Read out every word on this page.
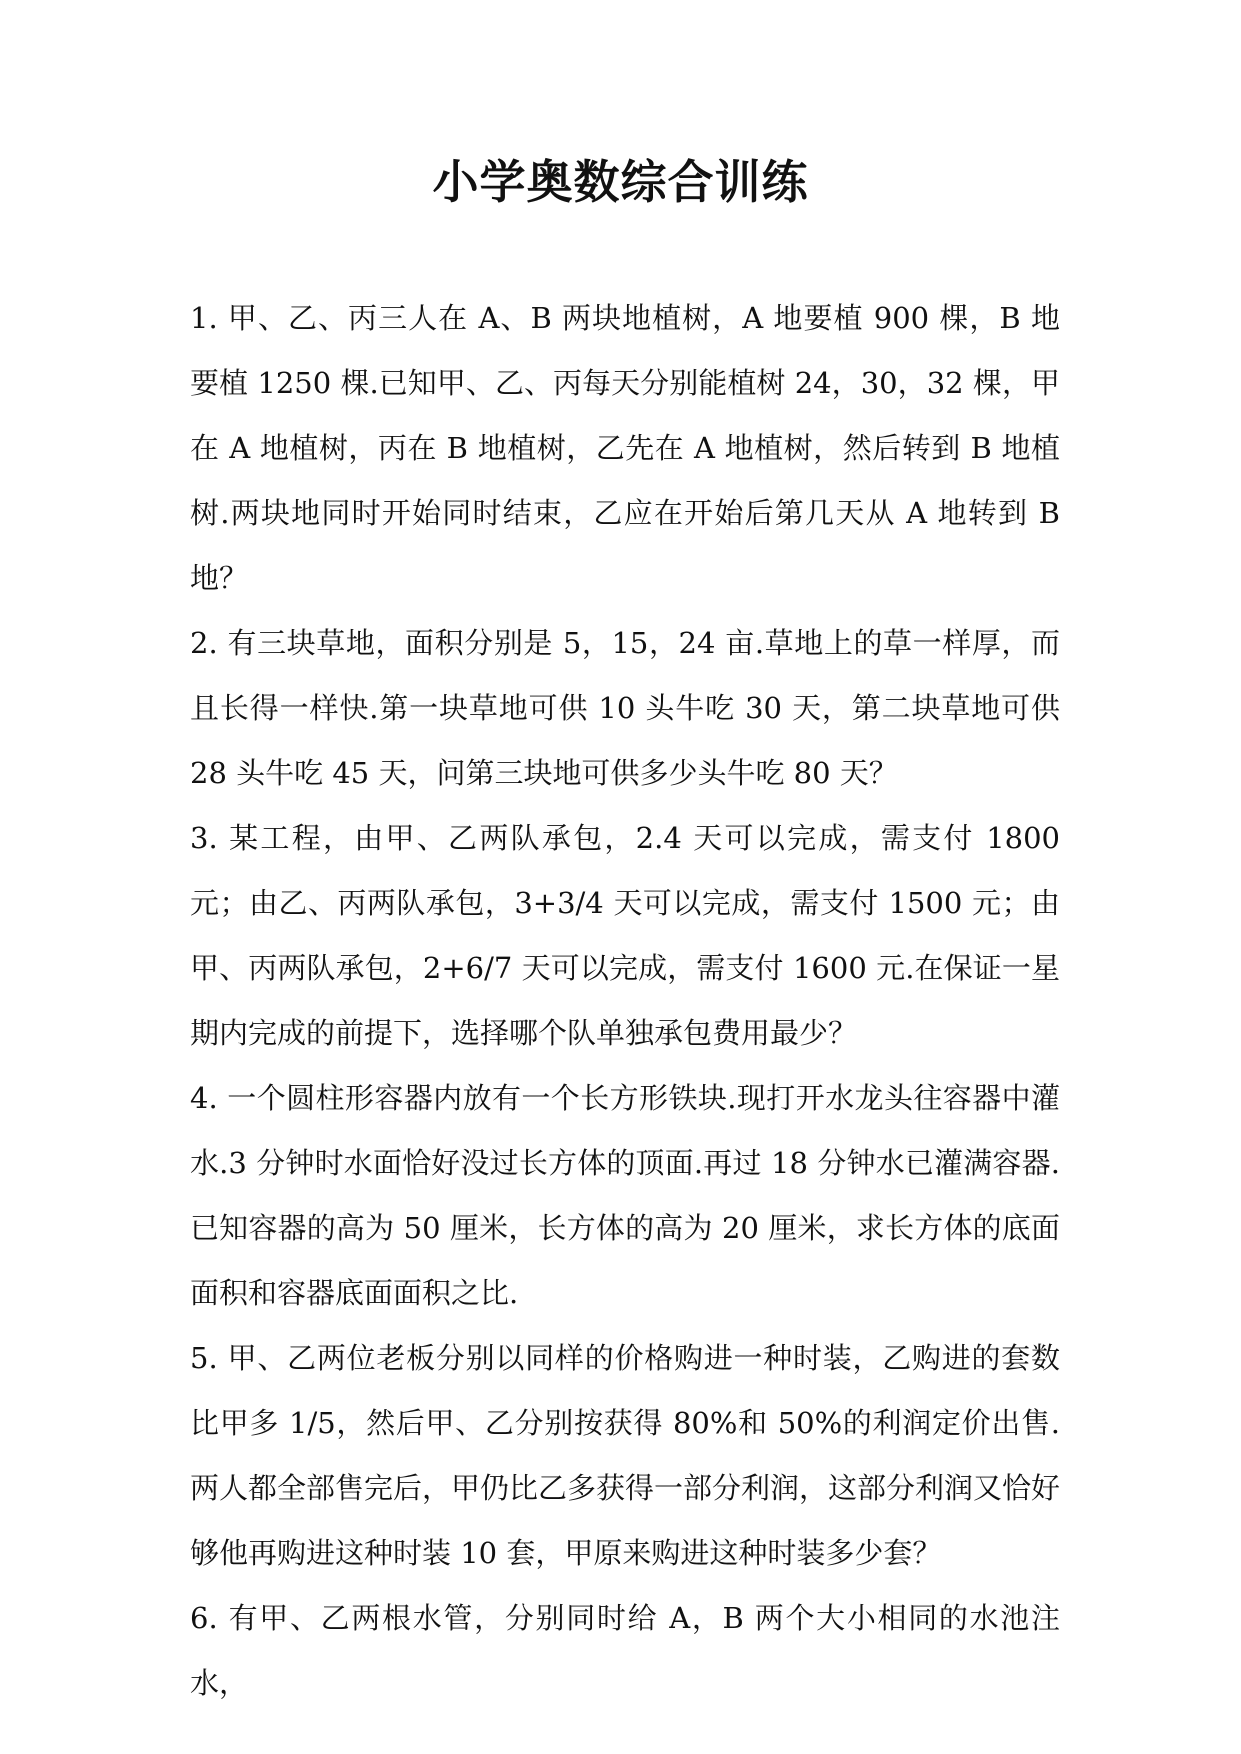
小学奥数综合训练

1. 甲、乙、丙三人在 A、B 两块地植树，A 地要植 900 棵，B 地要植 1250 棵.已知甲、乙、丙每天分别能植树 24，30，32 棵，甲在 A 地植树，丙在 B 地植树，乙先在 A 地植树，然后转到 B 地植树.两块地同时开始同时结束，乙应在开始后第几天从 A 地转到 B 地？

2. 有三块草地，面积分别是 5，15，24 亩.草地上的草一样厚，而且长得一样快.第一块草地可供 10 头牛吃 30 天，第二块草地可供 28 头牛吃 45 天，问第三块地可供多少头牛吃 80 天？

3. 某工程，由甲、乙两队承包，2.4 天可以完成，需支付 1800 元；由乙、丙两队承包，3+3/4 天可以完成，需支付 1500 元；由甲、丙两队承包，2+6/7 天可以完成，需支付 1600 元.在保证一星期内完成的前提下，选择哪个队单独承包费用最少？

4. 一个圆柱形容器内放有一个长方形铁块.现打开水龙头往容器中灌水.3 分钟时水面恰好没过长方体的顶面.再过 18 分钟水已灌满容器.已知容器的高为 50 厘米，长方体的高为 20 厘米，求长方体的底面面积和容器底面面积之比.

5. 甲、乙两位老板分别以同样的价格购进一种时装，乙购进的套数比甲多 1/5，然后甲、乙分别按获得 80%和 50%的利润定价出售.两人都全部售完后，甲仍比乙多获得一部分利润，这部分利润又恰好够他再购进这种时装 10 套，甲原来购进这种时装多少套？

6. 有甲、乙两根水管，分别同时给 A，B 两个大小相同的水池注水，
